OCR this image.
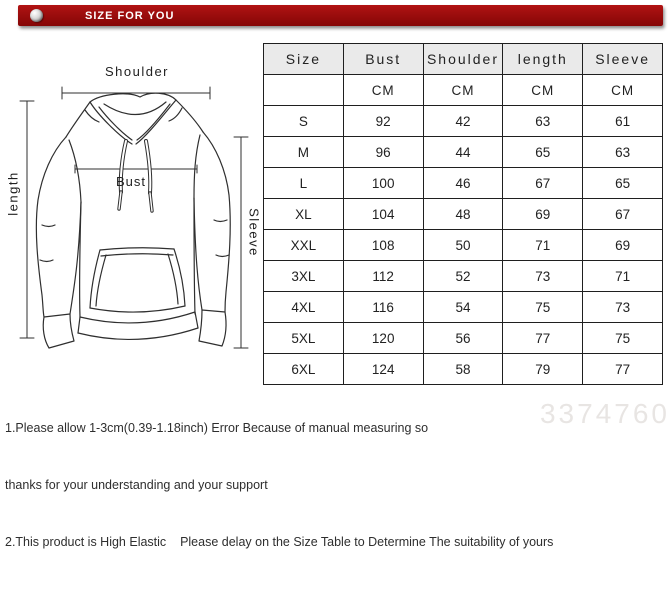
SIZE FOR YOU
Shoulder
length	Bust
Sleeve
Size	Bust	Shoulder	length	Sleeve
	CM	CM	CM	CM
S	92	42	63	61
M	96	44	65	63
L	100	46	67	65
XL	104	48	69	67
XXL	108	50	71	69
3XL	112	52	73	71
4XL	116	54	75	73
5XL	120	56	77	75
6XL	124	58	79	77
3374760

1.Please allow 1-3cm(0.39-1.18inch) Error Because of manual measuring so

thanks for your understanding and your support

2.This product is High Elastic    Please delay on the Size Table to Determine The suitability of yours
